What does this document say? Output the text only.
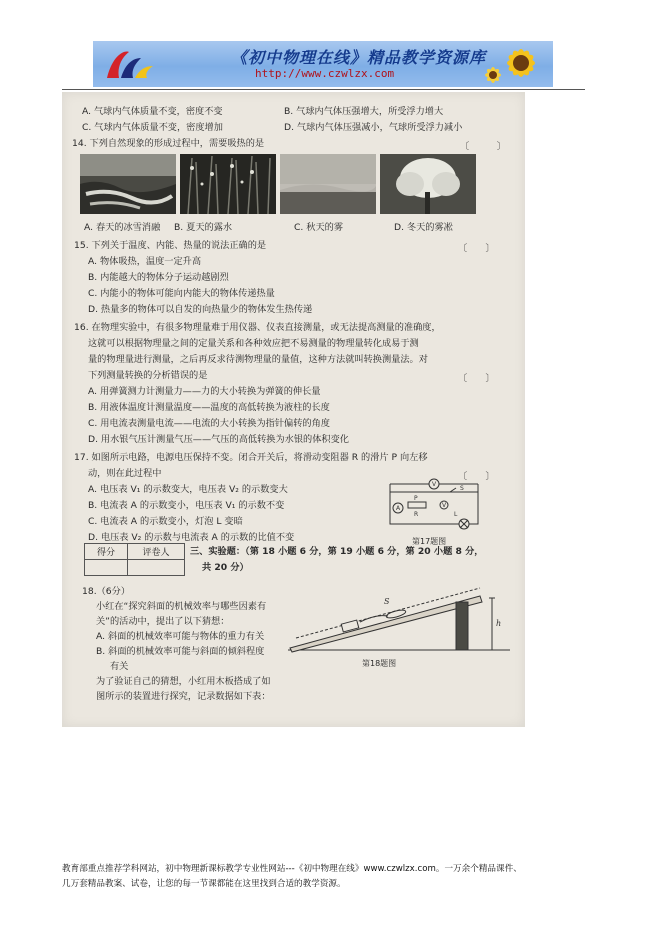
《初中物理在线》精品教学资源库
http://www.czwlzx.com
A. 气球内气体质量不变，密度不变	B. 气球内气体压强增大，所受浮力增大
C. 气球内气体质量不变，密度增加	D. 气球内气体压强减小，气球所受浮力减小
14. 下列自然现象的形成过程中，需要吸热的是	〔　　　〕
A. 春天的冰雪消融 B. 夏天的露水	C. 秋天的雾	D. 冬天的雾凇
15. 下列关于温度、内能、热量的说法正确的是	〔　　〕
A. 物体吸热，温度一定升高
B. 内能越大的物体分子运动越剧烈
C. 内能小的物体可能向内能大的物体传递热量
D. 热量多的物体可以自发的向热量少的物体发生热传递
16. 在物理实验中，有很多物理量难于用仪器、仪表直接测量，或无法提高测量的准确度，
这就可以根据物理量之间的定量关系和各种效应把不易测量的物理量转化成易于测
量的物理量进行测量，之后再反求待测物理量的量值，这种方法就叫转换测量法。对
下列测量转换的分析错误的是	〔　　〕
A. 用弹簧测力计测量力——力的大小转换为弹簧的伸长量
B. 用液体温度计测量温度——温度的高低转换为液柱的长度
C. 用电流表测量电流——电流的大小转换为指针偏转的角度
D. 用水银气压计测量气压——气压的高低转换为水银的体积变化
17. 如图所示电路，电源电压保持不变。闭合开关后，将滑动变阻器 R 的滑片 P 向左移
动，则在此过程中	〔　　〕
A. 电压表 V₁ 的示数变大，电压表 V₂ 的示数变大
B. 电流表 A 的示数变小，电压表 V₁ 的示数不变
C. 电流表 A 的示数变小，灯泡 L 变暗
D. 电压表 V₂ 的示数与电流表 A 的示数的比值不变
V
A	V
P
R	L
S
第17题图
得分	评卷人
	三、实验题：（第 18 小题 6 分，第 19 小题 6 分，第 20 小题 8 分，
共 20 分）
18.（6分）
小红在“探究斜面的机械效率与哪些因素有
关”的活动中，提出了以下猜想：
A. 斜面的机械效率可能与物体的重力有关
B. 斜面的机械效率可能与斜面的倾斜程度
有关
为了验证自己的猜想，小红用木板搭成了如
图所示的装置进行探究，记录数据如下表：
S
h
第18题图
教育部重点推荐学科网站，初中物理新课标教学专业性网站---《初中物理在线》www.czwlzx.com。一万余个精品课件、
几万套精品教案、试卷，让您的每一节课都能在这里找到合适的教学资源。
